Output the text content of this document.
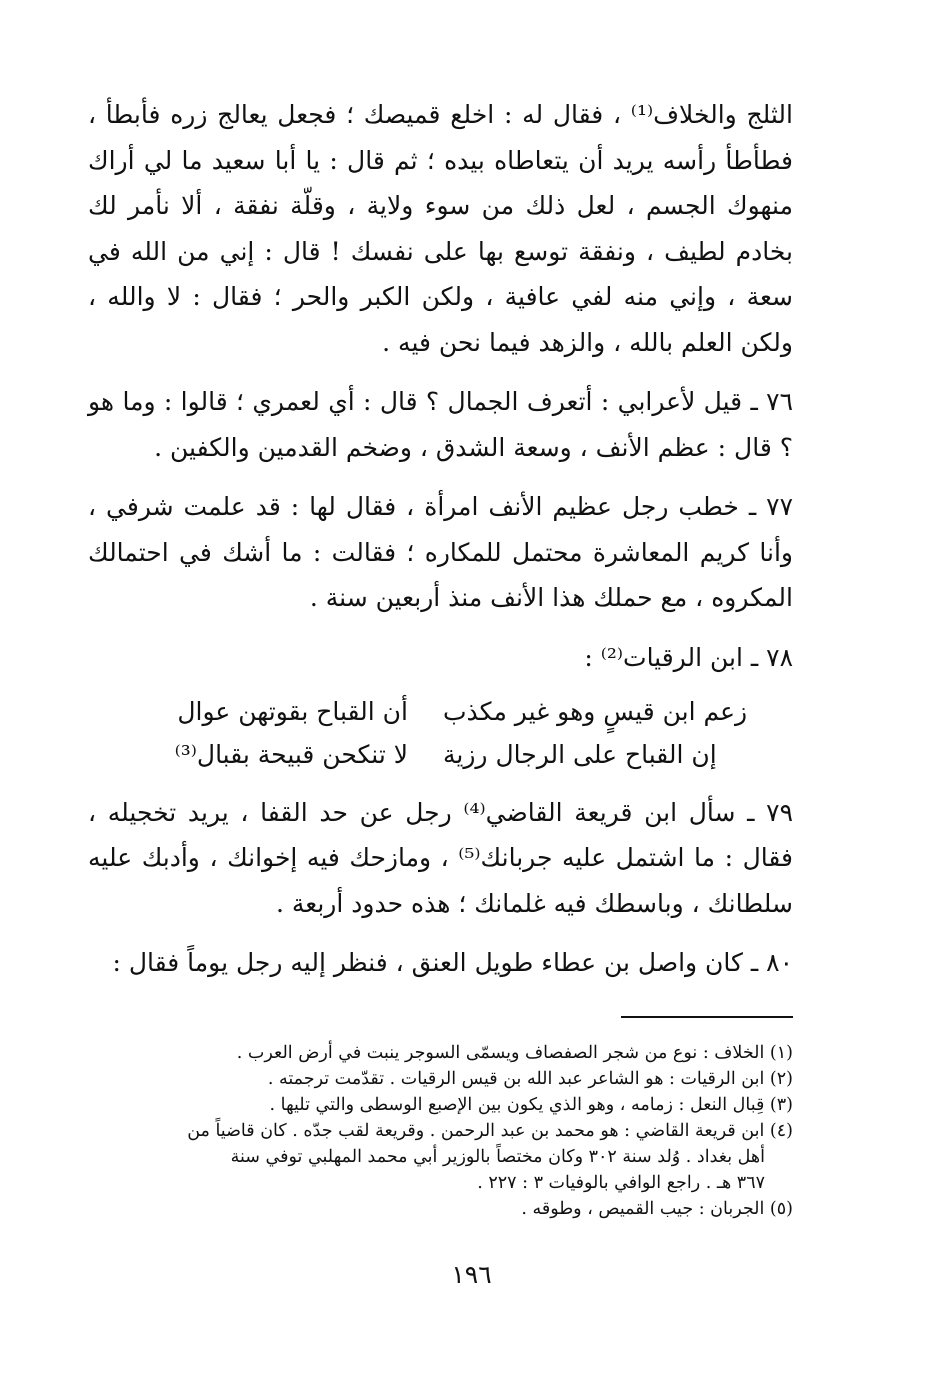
الثلج والخلاف⁽¹⁾ ، فقال له : اخلع قميصك ؛ فجعل يعالج زره فأبطأ ، فطأطأ رأسه يريد أن يتعاطاه بيده ؛ ثم قال : يا أبا سعيد ما لي أراك منهوك الجسم ، لعل ذلك من سوء ولاية ، وقلّة نفقة ، ألا نأمر لك بخادم لطيف ، ونفقة توسع بها على نفسك ! قال : إني من الله في سعة ، وإني منه لفي عافية ، ولكن الكبر والحر ؛ فقال : لا والله ، ولكن العلم بالله ، والزهد فيما نحن فيه .
٧٦ ـ قيل لأعرابي : أتعرف الجمال ؟ قال : أي لعمري ؛ قالوا : وما هو ؟ قال : عظم الأنف ، وسعة الشدق ، وضخم القدمين والكفين .
٧٧ ـ خطب رجل عظيم الأنف امرأة ، فقال لها : قد علمت شرفي ، وأنا كريم المعاشرة محتمل للمكاره ؛ فقالت : ما أشك في احتمالك المكروه ، مع حملك هذا الأنف منذ أربعين سنة .
٧٨ ـ ابن الرقيات⁽²⁾ :
زعم ابن قيسٍ وهو غير مكذب
أن القباح بقوتهن عوال
إن القباح على الرجال رزية
لا تنكحن قبيحة بقبال⁽³⁾
٧٩ ـ سأل ابن قريعة القاضي⁽⁴⁾ رجل عن حد القفا ، يريد تخجيله ، فقال : ما اشتمل عليه جربانك⁽⁵⁾ ، ومازحك فيه إخوانك ، وأدبك عليه سلطانك ، وباسطك فيه غلمانك ؛ هذه حدود أربعة .
٨٠ ـ كان واصل بن عطاء طويل العنق ، فنظر إليه رجل يوماً فقال :
(١) الخلاف : نوع من شجر الصفصاف ويسمّى السوجر ينبت في أرض العرب .
(٢) ابن الرقيات : هو الشاعر عبد الله بن قيس الرقيات . تقدّمت ترجمته .
(٣) قِبال النعل : زمامه ، وهو الذي يكون بين الإصبع الوسطى والتي تليها .
(٤) ابن قريعة القاضي : هو محمد بن عبد الرحمن . وقريعة لقب جدّه . كان قاضياً من
أهل بغداد . وُلد سنة ٣٠٢ وكان مختصاً بالوزير أبي محمد المهلبي توفي سنة
٣٦٧ هـ . راجع الوافي بالوفيات ٣ : ٢٢٧ .
(٥) الجربان : جيب القميص ، وطوقه .
١٩٦
